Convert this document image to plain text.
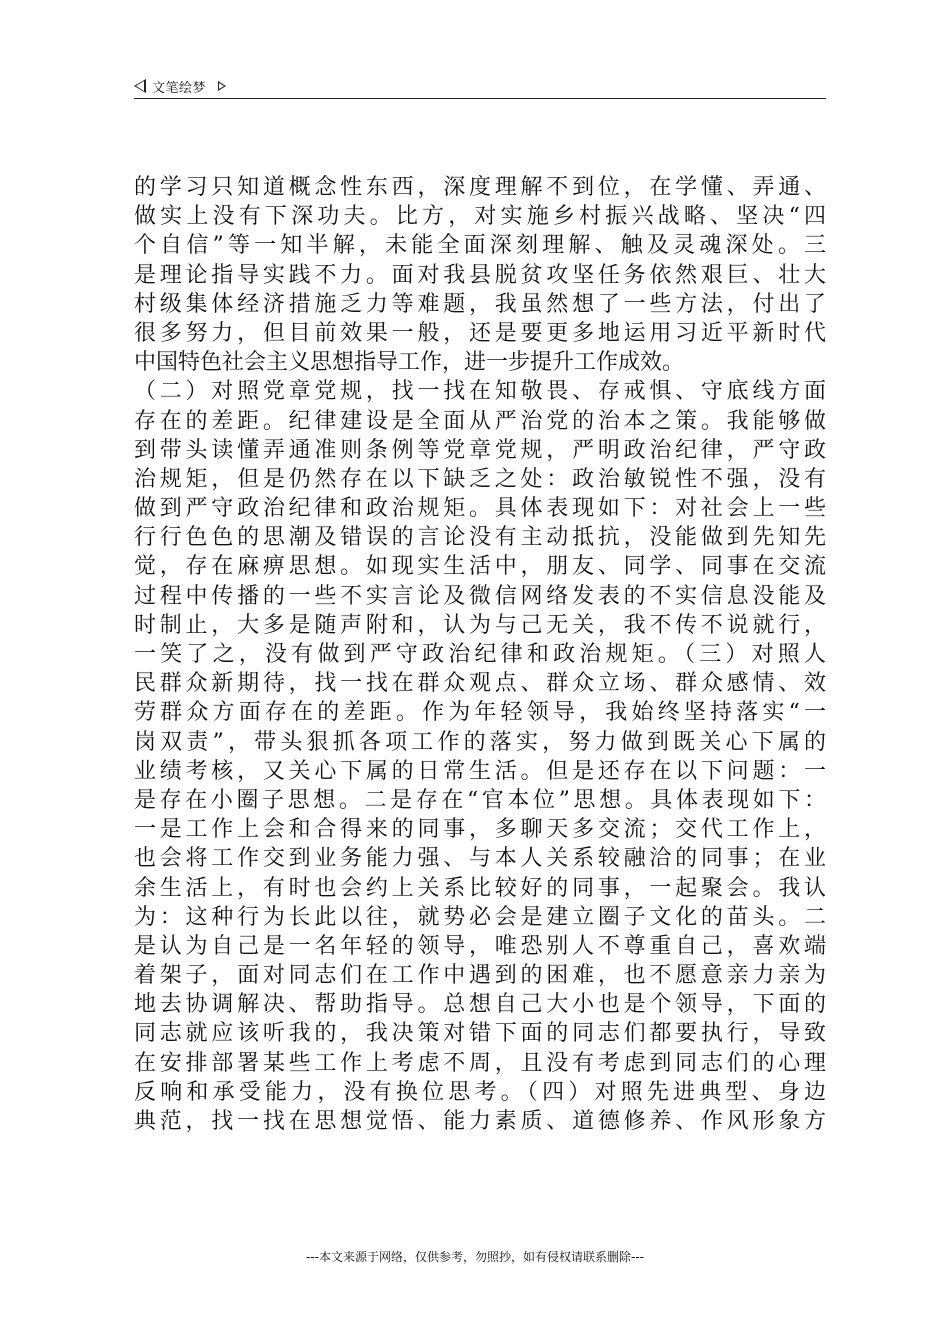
文笔绘梦
的学习只知道概念性东西，深度理解不到位，在学懂、弄通、
做实上没有下深功夫。比方，对实施乡村振兴战略、坚决“四
个自信”等一知半解，未能全面深刻理解、触及灵魂深处。三
是理论指导实践不力。面对我县脱贫攻坚任务依然艰巨、壮大
村级集体经济措施乏力等难题，我虽然想了一些方法，付出了
很多努力，但目前效果一般，还是要更多地运用习近平新时代
中国特色社会主义思想指导工作，进一步提升工作成效。
（二）对照党章党规，找一找在知敬畏、存戒惧、守底线方面
存在的差距。纪律建设是全面从严治党的治本之策。我能够做
到带头读懂弄通准则条例等党章党规，严明政治纪律，严守政
治规矩，但是仍然存在以下缺乏之处：政治敏锐性不强，没有
做到严守政治纪律和政治规矩。具体表现如下：对社会上一些
行行色色的思潮及错误的言论没有主动抵抗，没能做到先知先
觉，存在麻痹思想。如现实生活中，朋友、同学、同事在交流
过程中传播的一些不实言论及微信网络发表的不实信息没能及
时制止，大多是随声附和，认为与己无关，我不传不说就行，
一笑了之，没有做到严守政治纪律和政治规矩。（三）对照人
民群众新期待，找一找在群众观点、群众立场、群众感情、效
劳群众方面存在的差距。作为年轻领导，我始终坚持落实“一
岗双责”，带头狠抓各项工作的落实，努力做到既关心下属的
业绩考核，又关心下属的日常生活。但是还存在以下问题：一
是存在小圈子思想。二是存在“官本位”思想。具体表现如下：
一是工作上会和合得来的同事，多聊天多交流；交代工作上，
也会将工作交到业务能力强、与本人关系较融洽的同事；在业
余生活上，有时也会约上关系比较好的同事，一起聚会。我认
为：这种行为长此以往，就势必会是建立圈子文化的苗头。二
是认为自己是一名年轻的领导，唯恐别人不尊重自己，喜欢端
着架子，面对同志们在工作中遇到的困难，也不愿意亲力亲为
地去协调解决、帮助指导。总想自己大小也是个领导，下面的
同志就应该听我的，我决策对错下面的同志们都要执行，导致
在安排部署某些工作上考虑不周，且没有考虑到同志们的心理
反响和承受能力，没有换位思考。（四）对照先进典型、身边
典范，找一找在思想觉悟、能力素质、道德修养、作风形象方
---本文来源于网络，仅供参考，勿照抄，如有侵权请联系删除---
